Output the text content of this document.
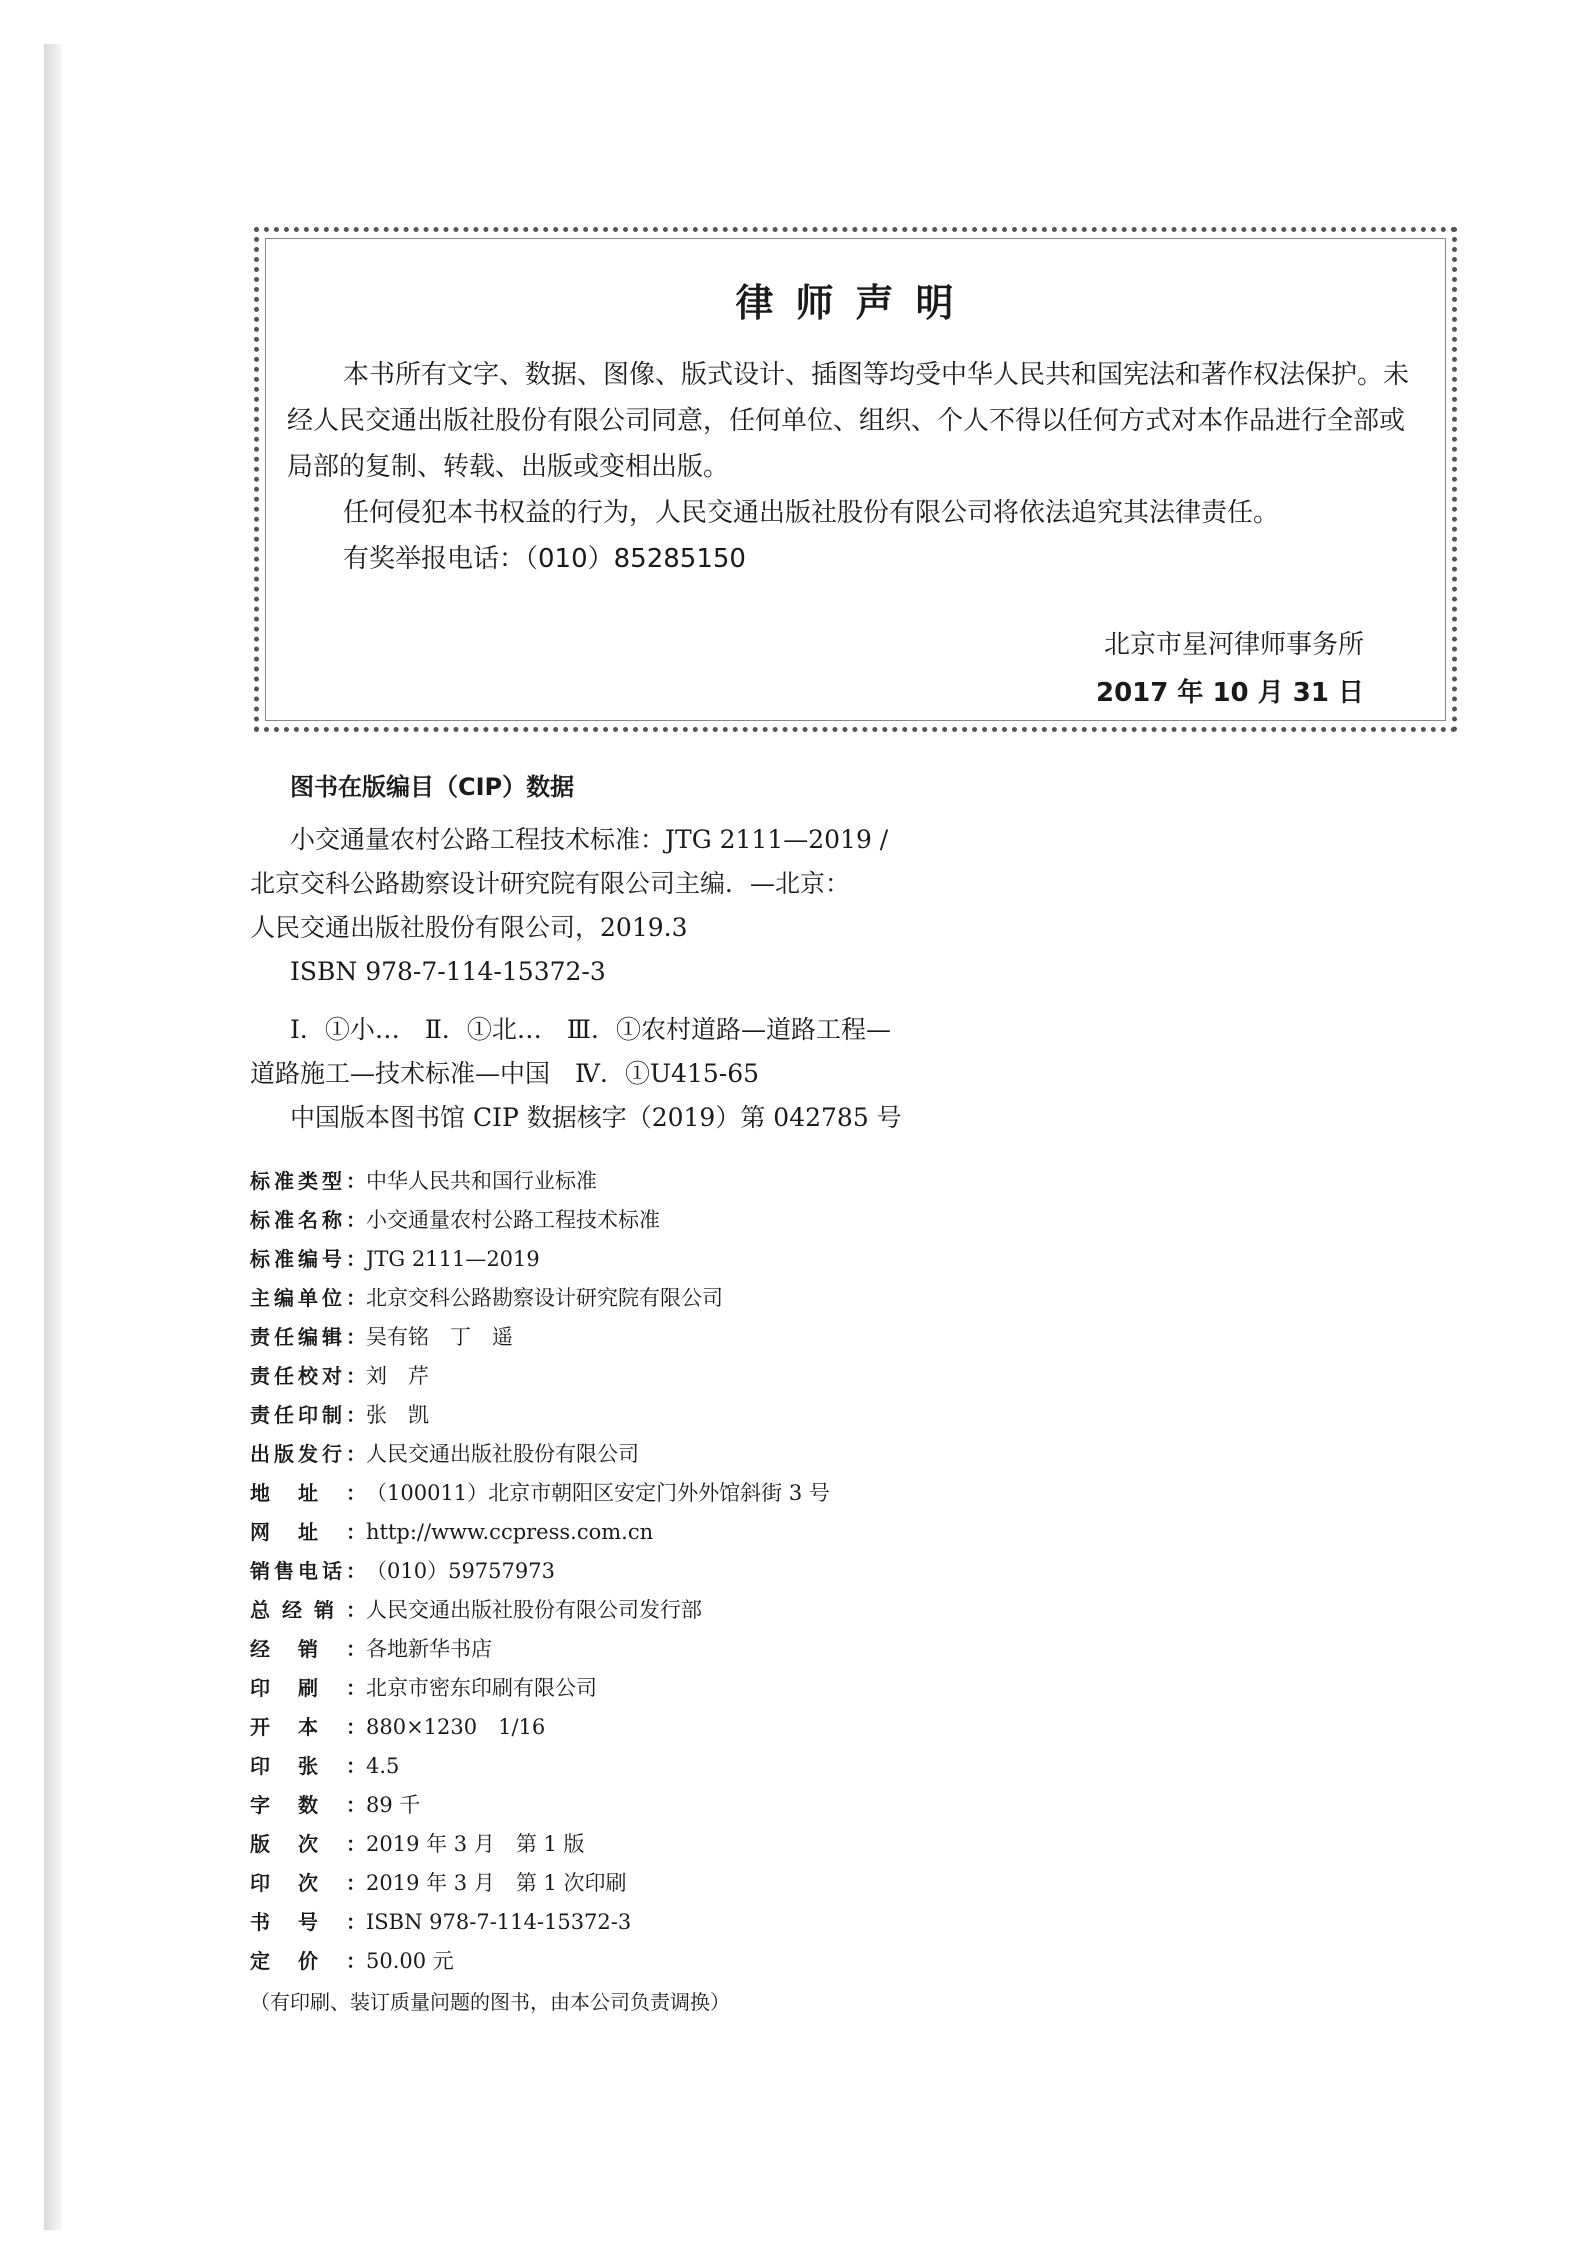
律师声明

本书所有文字、数据、图像、版式设计、插图等均受中华人民共和国宪法和著作权法保护。未经人民交通出版社股份有限公司同意，任何单位、组织、个人不得以任何方式对本作品进行全部或局部的复制、转载、出版或变相出版。

任何侵犯本书权益的行为，人民交通出版社股份有限公司将依法追究其法律责任。

有奖举报电话：（010）85285150

北京市星河律师事务所
2017 年 10 月 31 日
图书在版编目（CIP）数据
小交通量农村公路工程技术标准：JTG 2111—2019 /
北京交科公路勘察设计研究院有限公司主编．—北京：
人民交通出版社股份有限公司，2019.3
ISBN 978-7-114-15372-3
Ⅰ．①小…　Ⅱ．①北…　Ⅲ．①农村道路—道路工程—
道路施工—技术标准—中国　Ⅳ．①U415-65
中国版本图书馆 CIP 数据核字（2019）第 042785 号
标 准 类 型 ： 中华人民共和国行业标准
标 准 名 称 ： 小交通量农村公路工程技术标准
标 准 编 号 ： JTG 2111—2019
主 编 单 位 ： 北京交科公路勘察设计研究院有限公司
责 任 编 辑 ： 吴有铭　丁　遥
责 任 校 对 ： 刘　芹
责 任 印 制 ： 张　凯
出 版 发 行 ： 人民交通出版社股份有限公司
地 址 ： （100011）北京市朝阳区安定门外外馆斜街 3 号
网 址 ： http://www.ccpress.com.cn
销 售 电 话 ： （010）59757973
总 经 销 ： 人民交通出版社股份有限公司发行部
经 销 ： 各地新华书店
印 刷 ： 北京市密东印刷有限公司
开 本 ： 880×1230　1/16
印 张 ： 4.5
字 数 ： 89 千
版 次 ： 2019 年 3 月　第 1 版
印 次 ： 2019 年 3 月　第 1 次印刷
书 号 ： ISBN 978-7-114-15372-3
定 价 ： 50.00 元
（有印刷、装订质量问题的图书，由本公司负责调换）
